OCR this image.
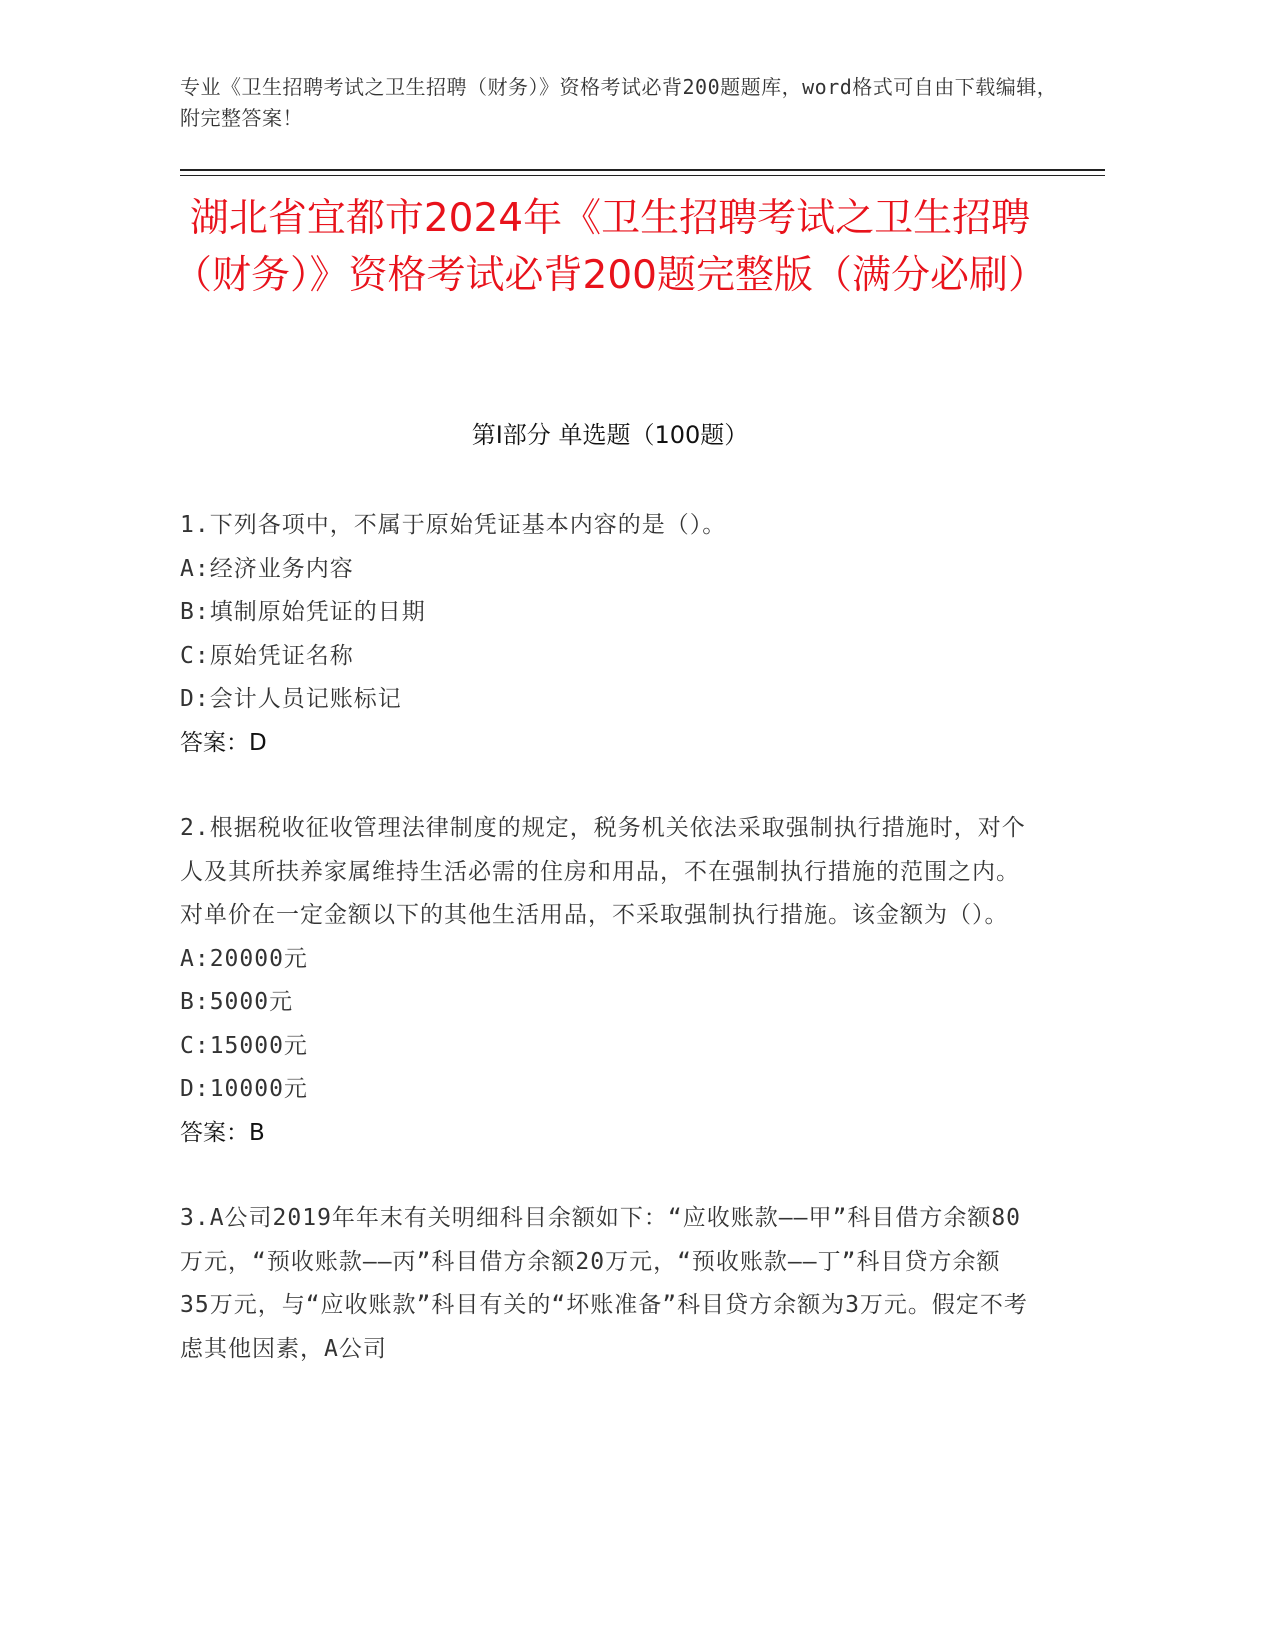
专业《卫生招聘考试之卫生招聘（财务）》资格考试必背200题题库，word格式可自由下载编辑，附完整答案！
湖北省宜都市2024年《卫生招聘考试之卫生招聘（财务）》资格考试必背200题完整版（满分必刷）
第Ⅰ部分 单选题（100题）

1.下列各项中，不属于原始凭证基本内容的是（）。

A:经济业务内容

B:填制原始凭证的日期

C:原始凭证名称

D:会计人员记账标记

答案：D

2.根据税收征收管理法律制度的规定，税务机关依法采取强制执行措施时，对个人及其所扶养家属维持生活必需的住房和用品，不在强制执行措施的范围之内。对单价在一定金额以下的其他生活用品，不采取强制执行措施。该金额为（）。

A:20000元

B:5000元

C:15000元

D:10000元

答案：B

3.A公司2019年年末有关明细科目余额如下：“应收账款——甲”科目借方余额80万元，“预收账款——丙”科目借方余额20万元，“预收账款——丁”科目贷方余额35万元，与“应收账款”科目有关的“坏账准备”科目贷方余额为3万元。假定不考虑其他因素，A公司
